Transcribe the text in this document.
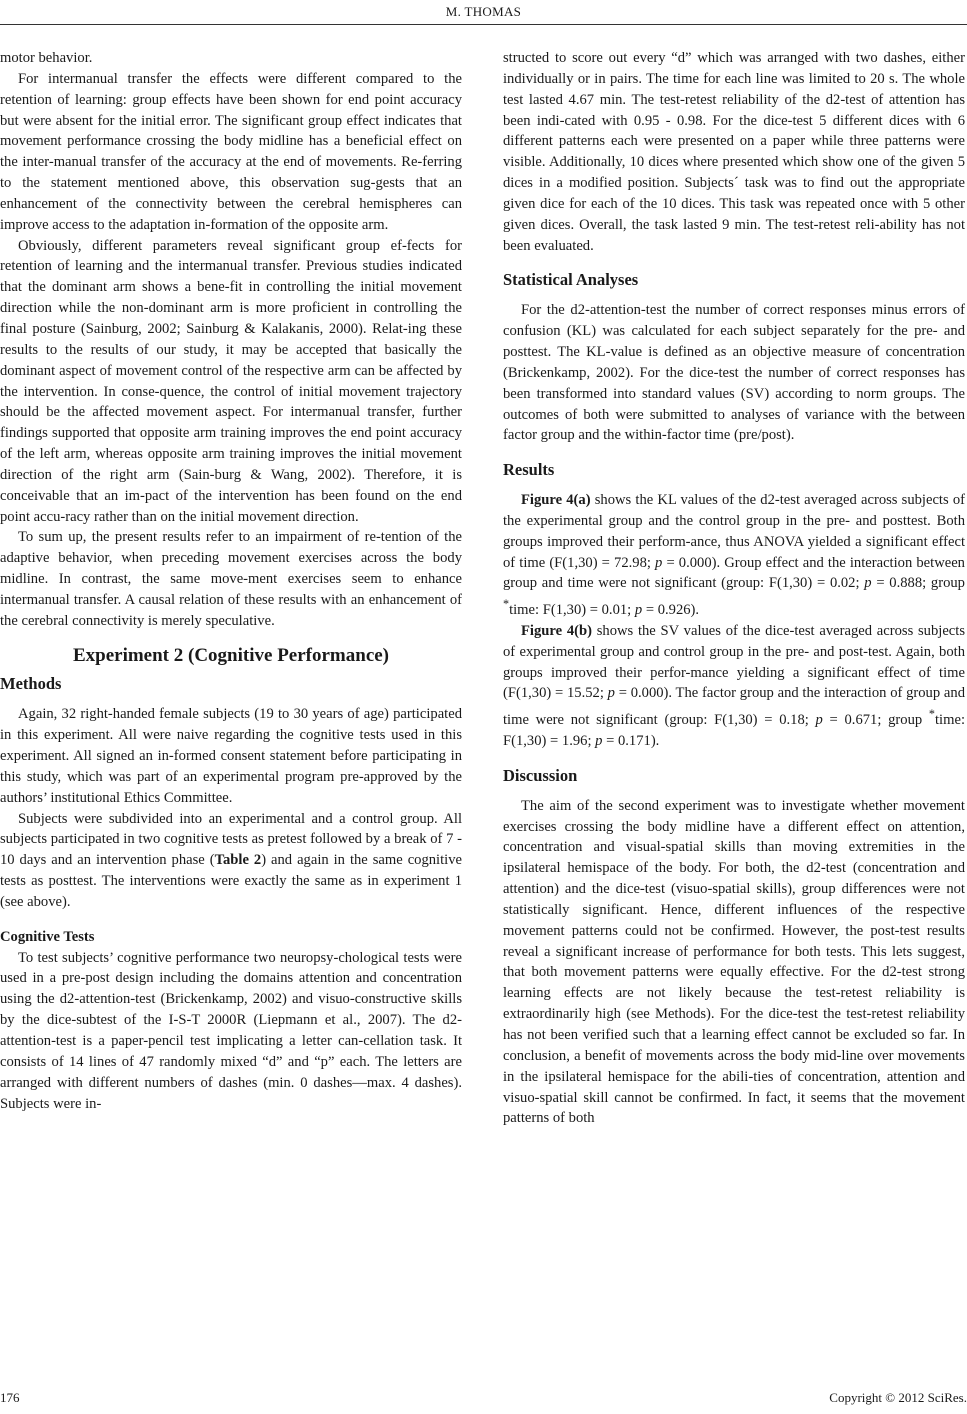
M. THOMAS

motor behavior.

For intermanual transfer the effects were different compared to the retention of learning: group effects have been shown for end point accuracy but were absent for the initial error. The significant group effect indicates that movement performance crossing the body midline has a beneficial effect on the inter-manual transfer of the accuracy at the end of movements. Re-ferring to the statement mentioned above, this observation sug-gests that an enhancement of the connectivity between the cerebral hemispheres can improve access to the adaptation in-formation of the opposite arm.

Obviously, different parameters reveal significant group ef-fects for retention of learning and the intermanual transfer. Previous studies indicated that the dominant arm shows a bene-fit in controlling the initial movement direction while the non-dominant arm is more proficient in controlling the final posture (Sainburg, 2002; Sainburg & Kalakanis, 2000). Relat-ing these results to the results of our study, it may be accepted that basically the dominant aspect of movement control of the respective arm can be affected by the intervention. In conse-quence, the control of initial movement trajectory should be the affected movement aspect. For intermanual transfer, further findings supported that opposite arm training improves the end point accuracy of the left arm, whereas opposite arm training improves the initial movement direction of the right arm (Sain-burg & Wang, 2002). Therefore, it is conceivable that an im-pact of the intervention has been found on the end point accu-racy rather than on the initial movement direction.

To sum up, the present results refer to an impairment of re-tention of the adaptive behavior, when preceding movement exercises across the body midline. In contrast, the same move-ment exercises seem to enhance intermanual transfer. A causal relation of these results with an enhancement of the cerebral connectivity is merely speculative.

Experiment 2 (Cognitive Performance)
Methods

Again, 32 right-handed female subjects (19 to 30 years of age) participated in this experiment. All were naive regarding the cognitive tests used in this experiment. All signed an in-formed consent statement before participating in this study, which was part of an experimental program pre-approved by the authors’ institutional Ethics Committee.

Subjects were subdivided into an experimental and a control group. All subjects participated in two cognitive tests as pretest followed by a break of 7 - 10 days and an intervention phase (Table 2) and again in the same cognitive tests as posttest. The interventions were exactly the same as in experiment 1 (see above).

Cognitive Tests

To test subjects’ cognitive performance two neuropsy-chological tests were used in a pre-post design including the domains attention and concentration using the d2-attention-test (Brickenkamp, 2002) and visuo-constructive skills by the dice-subtest of the I-S-T 2000R (Liepmann et al., 2007). The d2-attention-test is a paper-pencil test implicating a letter can-cellation task. It consists of 14 lines of 47 randomly mixed “d” and “p” each. The letters are arranged with different numbers of dashes (min. 0 dashes—max. 4 dashes). Subjects were in-

structed to score out every “d” which was arranged with two dashes, either individually or in pairs. The time for each line was limited to 20 s. The whole test lasted 4.67 min. The test-retest reliability of the d2-test of attention has been indi-cated with 0.95 - 0.98. For the dice-test 5 different dices with 6 different patterns each were presented on a paper while three patterns were visible. Additionally, 10 dices where presented which show one of the given 5 dices in a modified position. Subjects´ task was to find out the appropriate given dice for each of the 10 dices. This task was repeated once with 5 other given dices. Overall, the task lasted 9 min. The test-retest reli-ability has not been evaluated.

Statistical Analyses

For the d2-attention-test the number of correct responses minus errors of confusion (KL) was calculated for each subject separately for the pre- and posttest. The KL-value is defined as an objective measure of concentration (Brickenkamp, 2002). For the dice-test the number of correct responses has been transformed into standard values (SV) according to norm groups. The outcomes of both were submitted to analyses of variance with the between factor group and the within-factor time (pre/post).

Results

Figure 4(a) shows the KL values of the d2-test averaged across subjects of the experimental group and the control group in the pre- and posttest. Both groups improved their perform-ance, thus ANOVA yielded a significant effect of time (F(1,30) = 72.98; p = 0.000). Group effect and the interaction between group and time were not significant (group: F(1,30) = 0.02; p = 0.888; group *time: F(1,30) = 0.01; p = 0.926).

Figure 4(b) shows the SV values of the dice-test averaged across subjects of experimental group and control group in the pre- and post-test. Again, both groups improved their perfor-mance yielding a significant effect of time (F(1,30) = 15.52; p = 0.000). The factor group and the interaction of group and time were not significant (group: F(1,30) = 0.18; p = 0.671; group *time: F(1,30) = 1.96; p = 0.171).

Discussion

The aim of the second experiment was to investigate whether movement exercises crossing the body midline have a different effect on attention, concentration and visual-spatial skills than moving extremities in the ipsilateral hemispace of the body. For both, the d2-test (concentration and attention) and the dice-test (visuo-spatial skills), group differences were not statistically significant. Hence, different influences of the respective movement patterns could not be confirmed. However, the post-test results reveal a significant increase of performance for both tests. This lets suggest, that both movement patterns were equally effective. For the d2-test strong learning effects are not likely because the test-retest reliability is extraordinarily high (see Methods). For the dice-test the test-retest reliability has not been verified such that a learning effect cannot be excluded so far. In conclusion, a benefit of movements across the body mid-line over movements in the ipsilateral hemispace for the abili-ties of concentration, attention and visuo-spatial skill cannot be confirmed. In fact, it seems that the movement patterns of both

176	Copyright © 2012 SciRes.
